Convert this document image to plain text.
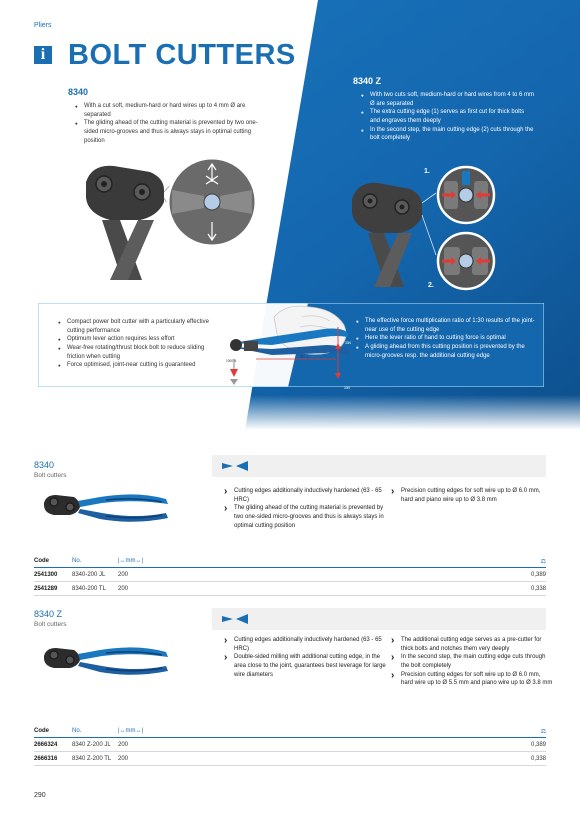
Pliers
i BOLT CUTTERS
8340
● With a cut soft, medium-hard or hard wires up to 4 mm Ø are separated
● The gliding ahead of the cutting material is prevented by two one-sided micro-grooves and thus is always stays in optimal cutting position
8340 Z
● With two cuts soft, medium-hard or hard wires from 4 to 6 mm Ø are separated
● The extra cutting edge (1) serves as first cut for thick bolts and engraves them deeply
● In the second step, the main cutting edge (2) cuts through the bolt completely
1.
2.
● Compact power bolt cutter with a particularly effective cutting performance
● Optimum lever action requires less effort
● Wear-free rotating/thrust block bolt to reduce sliding friction when cutting
● Force optimised, joint-near cutting is guaranteed
● The effective force multiplication ratio of 1:30 results of the joint-near use of the cutting edge
● Here the lever ratio of hand to cutting force is optimal
● A gliding ahead from this cutting position is prevented by the micro-grooves resp. the additional cutting edge
1000 N
30 : 1
33N
33N
8340
Bolt cutters
› Cutting edges additionally inductively hardened (63 - 65 HRC)
› The gliding ahead of the cutting material is prevented by two one-sided micro-grooves and thus is always stays in optimal cutting position
› Precision cutting edges for soft wire up to Ø 6.0 mm, hard and piano wire up to Ø 3.8 mm
Code	No.	|↔mm↔|		⚖
2541300	8340-200 JL	200		0,389
2541289	8340-200 TL	200		0,338
8340 Z
Bolt cutters
› Cutting edges additionally inductively hardened (63 - 65 HRC)
› Double-sided milling with additional cutting edge, in the area close to the joint, guarantees best leverage for large wire diameters
› The additional cutting edge serves as a pre-cutter for thick bolts and notches them very deeply
› In the second step, the main cutting edge cuts through the bolt completely
› Precision cutting edges for soft wire up to Ø 6.0 mm, hard wire up to Ø 5.5 mm and piano wire up to Ø 3.8 mm
Code	No.	|↔mm↔|		⚖
2666324	8340 Z-200 JL	200		0,389
2666316	8340 Z-200 TL	200		0,338
290
